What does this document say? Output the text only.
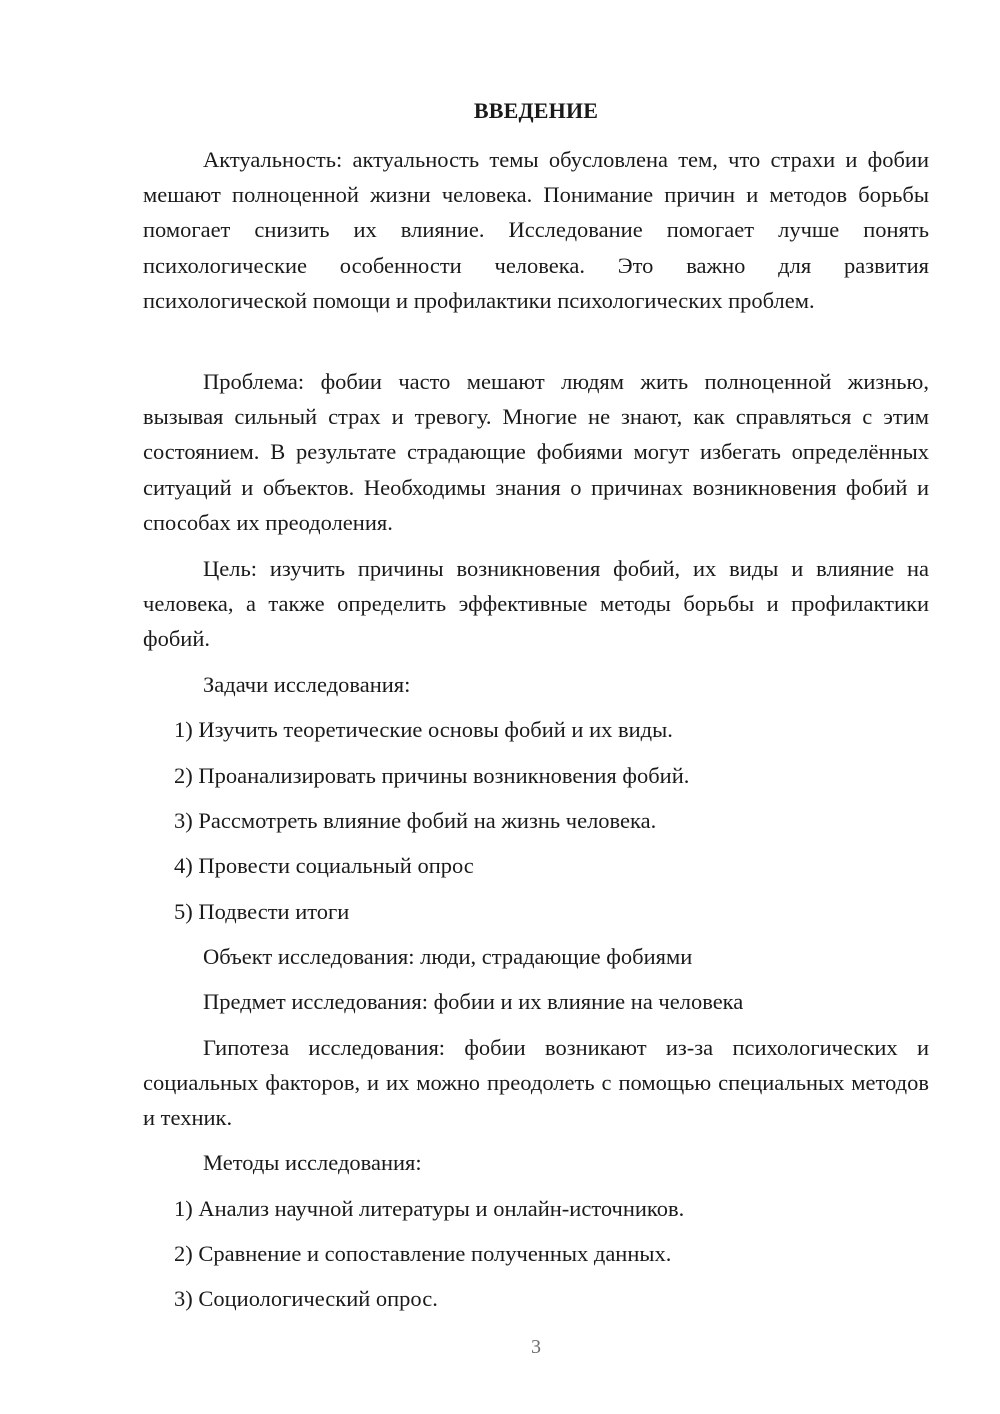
ВВЕДЕНИЕ

Актуальность: актуальность темы обусловлена тем, что страхи и фобии мешают полноценной жизни человека. Понимание причин и методов борьбы помогает снизить их влияние. Исследование помогает лучше понять психологические особенности человека. Это важно для развития психологической помощи и профилактики психологических проблем.

Проблема: фобии часто мешают людям жить полноценной жизнью, вызывая сильный страх и тревогу. Многие не знают, как справляться с этим состоянием. В результате страдающие фобиями могут избегать определённых ситуаций и объектов. Необходимы знания о причинах возникновения фобий и способах их преодоления.

Цель: изучить причины возникновения фобий, их виды и влияние на человека, а также определить эффективные методы борьбы и профилактики фобий.

Задачи исследования:

1) Изучить теоретические основы фобий и их виды.

2) Проанализировать причины возникновения фобий.

3) Рассмотреть влияние фобий на жизнь человека.

4) Провести социальный опрос

5) Подвести итоги

Объект исследования: люди, страдающие фобиями

Предмет исследования: фобии и их влияние на человека

Гипотеза исследования: фобии возникают из-за психологических и социальных факторов, и их можно преодолеть с помощью специальных методов и техник.

Методы исследования:

1) Анализ научной литературы и онлайн-источников.

2) Сравнение и сопоставление полученных данных.

3) Социологический опрос.

3
